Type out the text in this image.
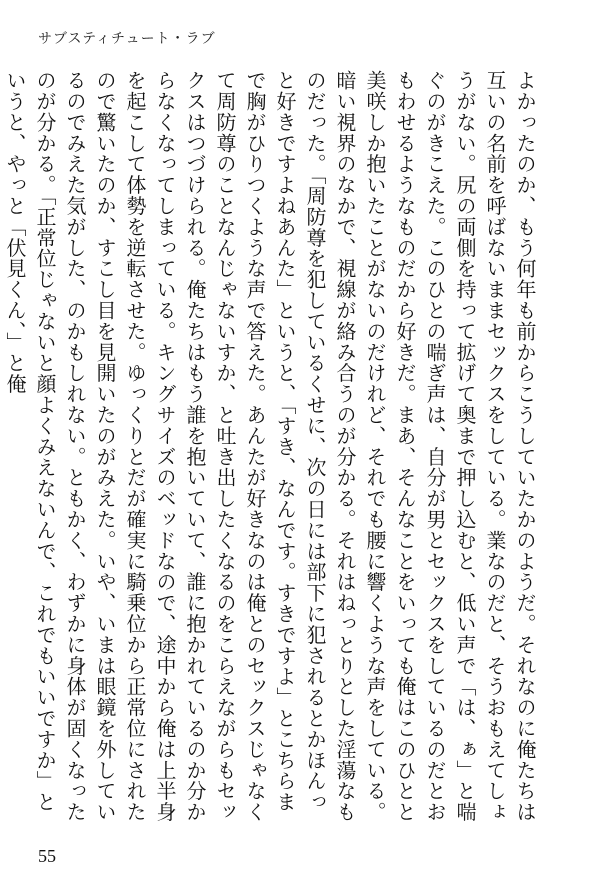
サブスティチュート・ラブ

よかったのか、もう何年も前からこうしていたかのようだ。それなのに俺たちは互いの名前を呼ばないままセックスをしている。業なのだと、そうおもえてしょうがない。尻の両側を持って拡げて奥まで押し込むと、低い声で「は、ぁ」と喘ぐのがきこえた。このひとの喘ぎ声は、自分が男とセックスをしているのだとおもわせるようなものだから好きだ。まあ、そんなことをいっても俺はこのひとと美咲しか抱いたことがないのだけれど、それでも腰に響くような声をしている。暗い視界のなかで、視線が絡み合うのが分かる。それはねっとりとした淫蕩なものだった。「周防尊を犯しているくせに、次の日には部下に犯されるとかほんっと好きですよねあんた」というと、「すき、なんです。すきですよ」とこちらまで胸がひりつくような声で答えた。あんたが好きなのは俺とのセックスじゃなくて周防尊のことなんじゃないすか、と吐き出したくなるのをこらえながらもセックスはつづけられる。俺たちはもう誰を抱いていて、誰に抱かれているのか分からなくなってしまっている。キングサイズのベッドなので、途中から俺は上半身を起こして体勢を逆転させた。ゆっくりとだが確実に騎乗位から正常位にされたので驚いたのか、すこし目を見開いたのがみえた。いや、いまは眼鏡を外しているのでみえた気がした、のかもしれない。ともかく、わずかに身体が固くなったのが分かる。「正常位じゃないと顔よくみえないんで、これでもいいですか」というと、やっと「伏見くん、」と俺

55
